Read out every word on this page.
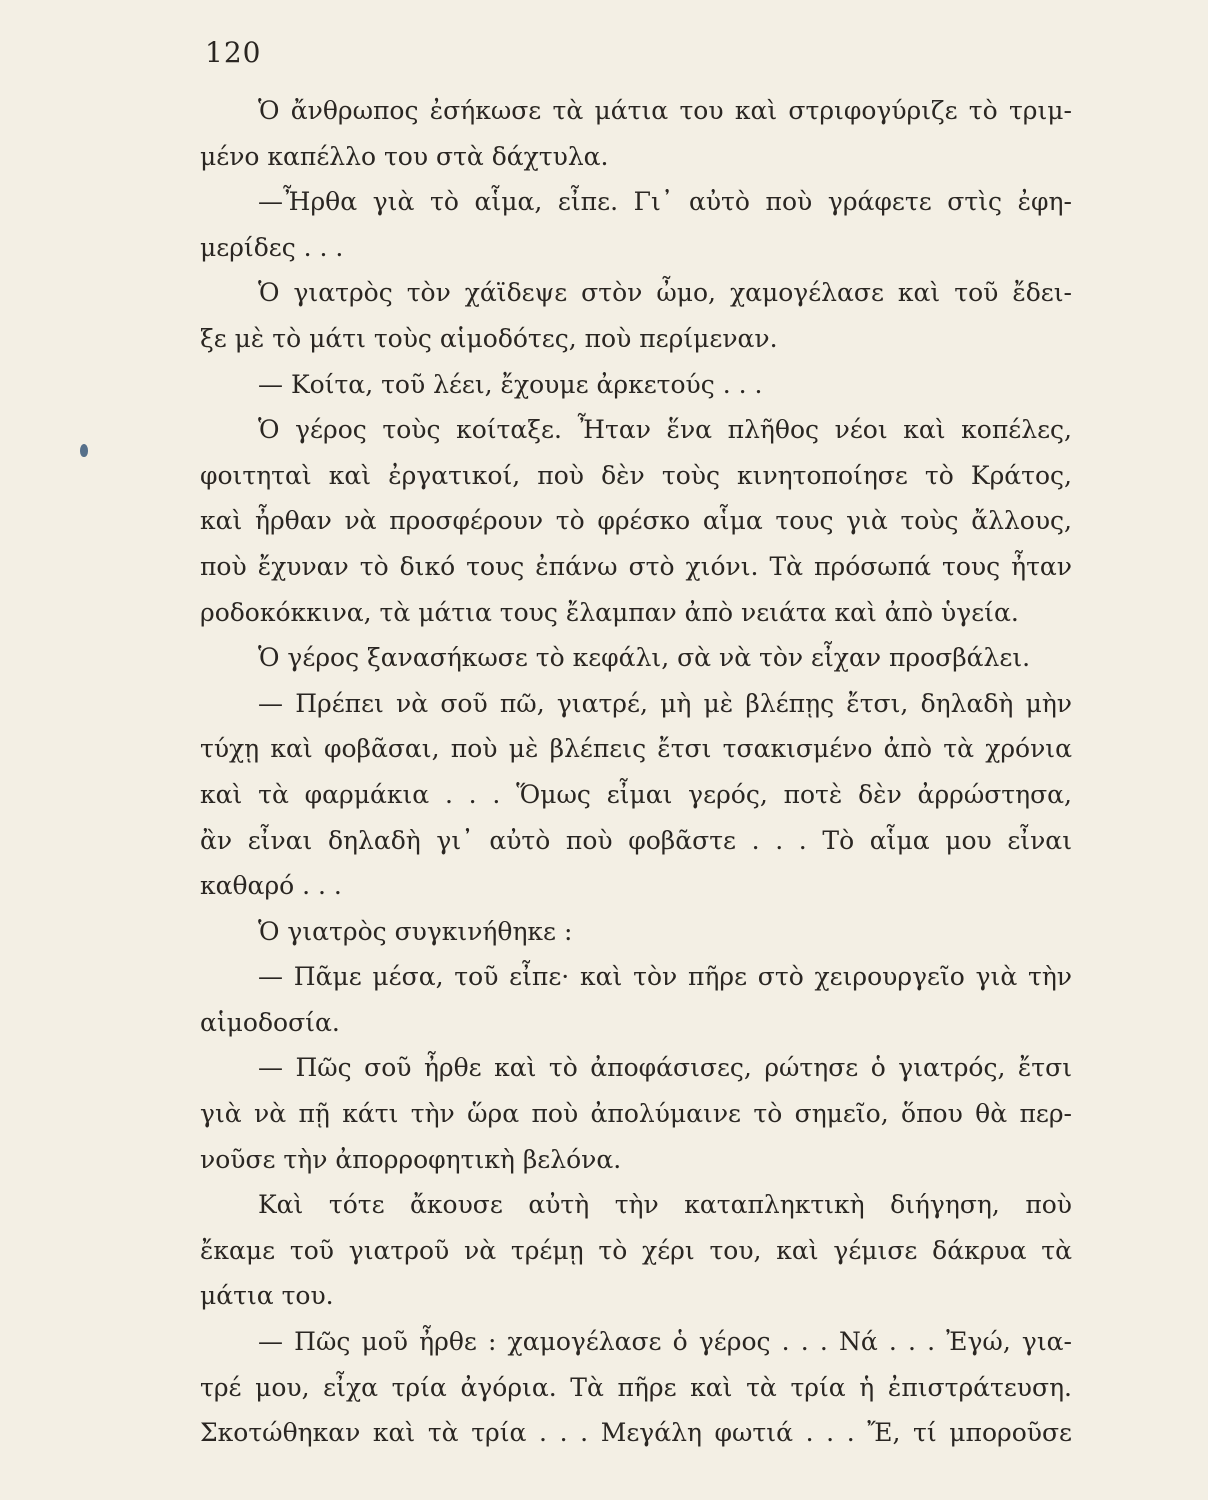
120
Ὁ ἄνθρωπος ἐσήκωσε τὰ μάτια του καὶ στριφογύριζε τὸ τριμ-
μένο καπέλλο του στὰ δάχτυλα.
—Ἦρθα γιὰ τὸ αἷμα, εἶπε. Γι᾽ αὐτὸ ποὺ γράφετε στὶς ἐφη-
μερίδες . . .
Ὁ γιατρὸς τὸν χάϊδεψε στὸν ὦμο, χαμογέλασε καὶ τοῦ ἔδει-
ξε μὲ τὸ μάτι τοὺς αἱμοδότες, ποὺ περίμεναν.
— Κοίτα, τοῦ λέει, ἔχουμε ἀρκετούς . . .
Ὁ γέρος τοὺς κοίταξε. Ἦταν ἕνα πλῆθος νέοι καὶ κοπέλες,
φοιτηταὶ καὶ ἐργατικοί, ποὺ δὲν τοὺς κινητοποίησε τὸ Κράτος,
καὶ ἦρθαν νὰ προσφέρουν τὸ φρέσκο αἷμα τους γιὰ τοὺς ἄλλους,
ποὺ ἔχυναν τὸ δικό τους ἐπάνω στὸ χιόνι. Τὰ πρόσωπά τους ἦταν
ροδοκόκκινα, τὰ μάτια τους ἔλαμπαν ἀπὸ νειάτα καὶ ἀπὸ ὑγεία.
Ὁ γέρος ξανασήκωσε τὸ κεφάλι, σὰ νὰ τὸν εἶχαν προσβάλει.
— Πρέπει νὰ σοῦ πῶ, γιατρέ, μὴ μὲ βλέπῃς ἔτσι, δηλαδὴ μὴν
τύχῃ καὶ φοβᾶσαι, ποὺ μὲ βλέπεις ἔτσι τσακισμένο ἀπὸ τὰ χρόνια
καὶ τὰ φαρμάκια . . . Ὅμως εἶμαι γερός, ποτὲ δὲν ἀρρώστησα,
ἂν εἶναι δηλαδὴ γι᾽ αὐτὸ ποὺ φοβᾶστε . . . Τὸ αἷμα μου εἶναι
καθαρό . . .
Ὁ γιατρὸς συγκινήθηκε :
— Πᾶμε μέσα, τοῦ εἶπε· καὶ τὸν πῆρε στὸ χειρουργεῖο γιὰ τὴν
αἱμοδοσία.
— Πῶς σοῦ ἦρθε καὶ τὸ ἀποφάσισες, ρώτησε ὁ γιατρός, ἔτσι
γιὰ νὰ πῇ κάτι τὴν ὥρα ποὺ ἀπολύμαινε τὸ σημεῖο, ὅπου θὰ περ-
νοῦσε τὴν ἀπορροφητικὴ βελόνα.
Καὶ τότε ἄκουσε αὐτὴ τὴν καταπληκτικὴ διήγηση, ποὺ
ἔκαμε τοῦ γιατροῦ νὰ τρέμῃ τὸ χέρι του, καὶ γέμισε δάκρυα τὰ
μάτια του.
— Πῶς μοῦ ἦρθε : χαμογέλασε ὁ γέρος . . . Νά . . . Ἐγώ, για-
τρέ μου, εἶχα τρία ἀγόρια. Τὰ πῆρε καὶ τὰ τρία ἡ ἐπιστράτευση.
Σκοτώθηκαν καὶ τὰ τρία . . . Μεγάλη φωτιά . . . Ἔ, τί μποροῦσε
